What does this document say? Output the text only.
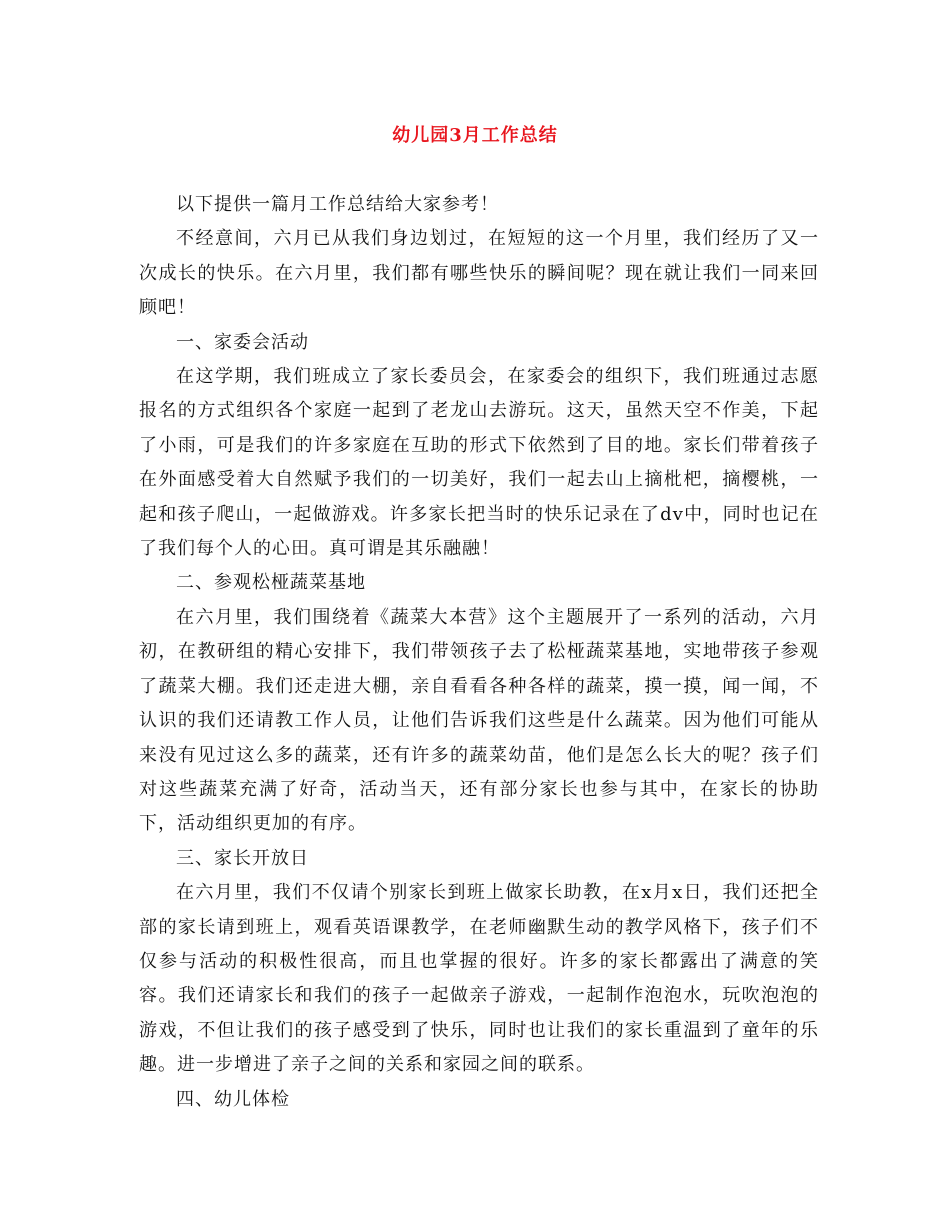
幼儿园3月工作总结

以下提供一篇月工作总结给大家参考！

不经意间，六月已从我们身边划过，在短短的这一个月里，我们经历了又一次成长的快乐。在六月里，我们都有哪些快乐的瞬间呢？现在就让我们一同来回顾吧！

一、家委会活动

在这学期，我们班成立了家长委员会，在家委会的组织下，我们班通过志愿报名的方式组织各个家庭一起到了老龙山去游玩。这天，虽然天空不作美，下起了小雨，可是我们的许多家庭在互助的形式下依然到了目的地。家长们带着孩子在外面感受着大自然赋予我们的一切美好，我们一起去山上摘枇杷，摘樱桃，一起和孩子爬山，一起做游戏。许多家长把当时的快乐记录在了dv中，同时也记在了我们每个人的心田。真可谓是其乐融融！

二、参观松桠蔬菜基地

在六月里，我们围绕着《蔬菜大本营》这个主题展开了一系列的活动，六月初，在教研组的精心安排下，我们带领孩子去了松桠蔬菜基地，实地带孩子参观了蔬菜大棚。我们还走进大棚，亲自看看各种各样的蔬菜，摸一摸，闻一闻，不认识的我们还请教工作人员，让他们告诉我们这些是什么蔬菜。因为他们可能从来没有见过这么多的蔬菜，还有许多的蔬菜幼苗，他们是怎么长大的呢？孩子们对这些蔬菜充满了好奇，活动当天，还有部分家长也参与其中，在家长的协助下，活动组织更加的有序。

三、家长开放日

在六月里，我们不仅请个别家长到班上做家长助教，在x月x日，我们还把全部的家长请到班上，观看英语课教学，在老师幽默生动的教学风格下，孩子们不仅参与活动的积极性很高，而且也掌握的很好。许多的家长都露出了满意的笑容。我们还请家长和我们的孩子一起做亲子游戏，一起制作泡泡水，玩吹泡泡的游戏，不但让我们的孩子感受到了快乐，同时也让我们的家长重温到了童年的乐趣。进一步增进了亲子之间的关系和家园之间的联系。

四、幼儿体检
